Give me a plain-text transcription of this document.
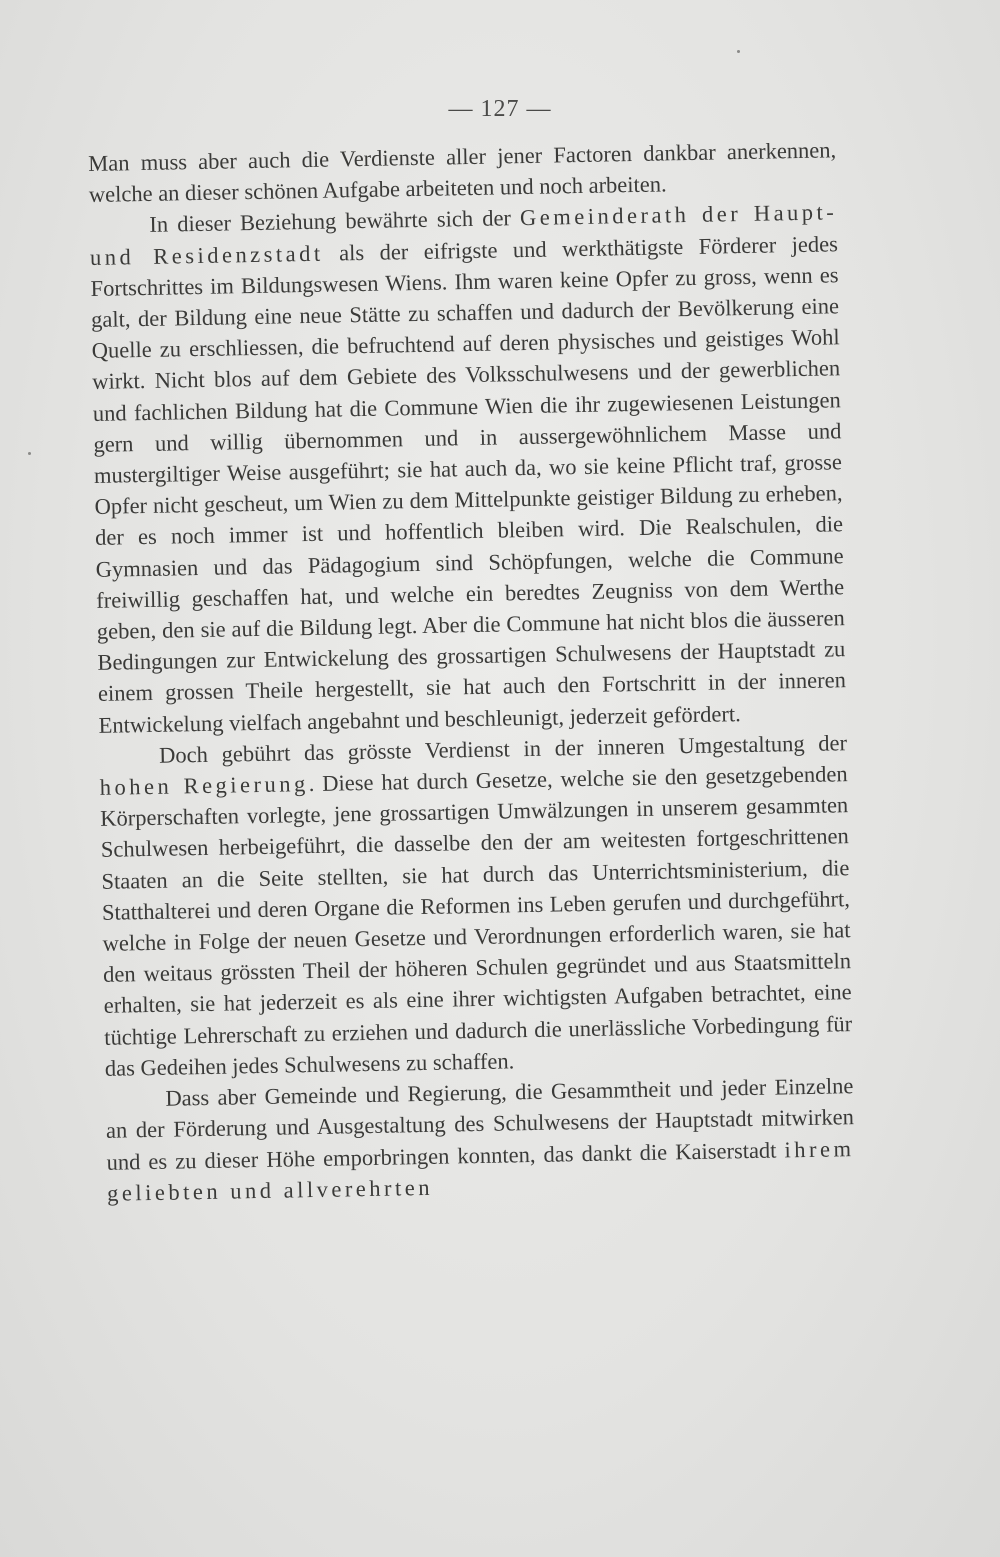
— 127 —

Man muss aber auch die Verdienste aller jener Factoren dankbar anerkennen, welche an dieser schönen Aufgabe arbeiteten und noch arbeiten.

In dieser Beziehung bewährte sich der Gemeinderath der Haupt- und Residenzstadt als der eifrigste und werkthätigste Förderer jedes Fortschrittes im Bildungswesen Wiens. Ihm waren keine Opfer zu gross, wenn es galt, der Bildung eine neue Stätte zu schaffen und dadurch der Bevölkerung eine Quelle zu erschliessen, die befruchtend auf deren physisches und geistiges Wohl wirkt. Nicht blos auf dem Gebiete des Volksschulwesens und der gewerblichen und fachlichen Bildung hat die Commune Wien die ihr zugewiesenen Leistungen gern und willig übernommen und in aussergewöhnlichem Masse und mustergiltiger Weise ausgeführt; sie hat auch da, wo sie keine Pflicht traf, grosse Opfer nicht gescheut, um Wien zu dem Mittelpunkte geistiger Bildung zu erheben, der es noch immer ist und hoffentlich bleiben wird. Die Realschulen, die Gymnasien und das Pädagogium sind Schöpfungen, welche die Commune freiwillig geschaffen hat, und welche ein beredtes Zeugniss von dem Werthe geben, den sie auf die Bildung legt. Aber die Commune hat nicht blos die äusseren Bedingungen zur Entwickelung des grossartigen Schulwesens der Hauptstadt zu einem grossen Theile hergestellt, sie hat auch den Fortschritt in der inneren Entwickelung vielfach angebahnt und beschleunigt, jederzeit gefördert.

Doch gebührt das grösste Verdienst in der inneren Umgestaltung der hohen Regierung. Diese hat durch Gesetze, welche sie den gesetzgebenden Körperschaften vorlegte, jene grossartigen Umwälzungen in unserem gesammten Schulwesen herbeigeführt, die dasselbe den der am weitesten fortgeschrittenen Staaten an die Seite stellten, sie hat durch das Unterrichtsministerium, die Statthalterei und deren Organe die Reformen ins Leben gerufen und durchgeführt, welche in Folge der neuen Gesetze und Verordnungen erforderlich waren, sie hat den weitaus grössten Theil der höheren Schulen gegründet und aus Staatsmitteln erhalten, sie hat jederzeit es als eine ihrer wichtigsten Aufgaben betrachtet, eine tüchtige Lehrerschaft zu erziehen und dadurch die unerlässliche Vorbedingung für das Gedeihen jedes Schulwesens zu schaffen.

Dass aber Gemeinde und Regierung, die Gesammtheit und jeder Einzelne an der Förderung und Ausgestaltung des Schulwesens der Hauptstadt mitwirken und es zu dieser Höhe emporbringen konnten, das dankt die Kaiserstadt ihrem geliebten und allverehrten
